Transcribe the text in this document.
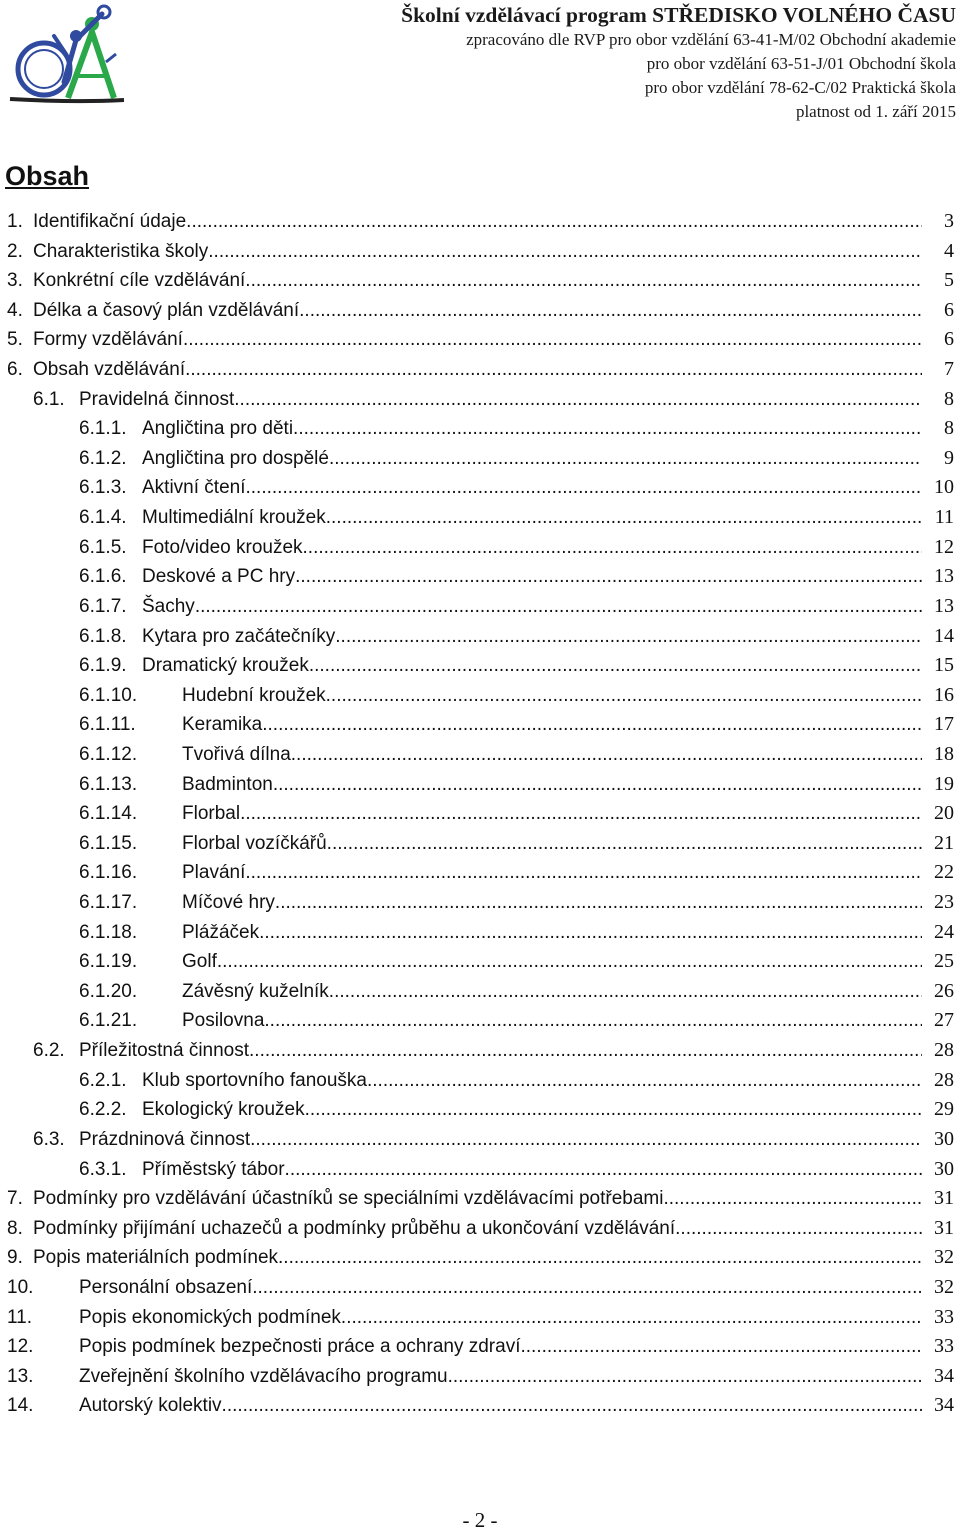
Školní vzdělávací program STŘEDISKO VOLNÉHO ČASU
zpracováno dle RVP pro obor vzdělání 63-41-M/02 Obchodní akademie
pro obor vzdělání 63-51-J/01 Obchodní škola
pro obor vzdělání 78-62-C/02 Praktická škola
platnost od 1. září 2015
Obsah
1. Identifikační údaje .....	3
2. Charakteristika školy .....	4
3. Konkrétní cíle vzdělávání .....	5
4. Délka a časový plán vzdělávání .....	6
5. Formy vzdělávání .....	6
6. Obsah vzdělávání .....	7
6.1. Pravidelná činnost .....	8
6.1.1. Angličtina pro děti .....	8
6.1.2. Angličtina pro dospělé .....	9
6.1.3. Aktivní čtení .....	10
6.1.4. Multimediální kroužek .....	11
6.1.5. Foto/video kroužek .....	12
6.1.6. Deskové a PC hry .....	13
6.1.7. Šachy .....	13
6.1.8. Kytara pro začátečníky .....	14
6.1.9. Dramatický kroužek .....	15
6.1.10. Hudební kroužek .....	16
6.1.11. Keramika .....	17
6.1.12. Tvořivá dílna .....	18
6.1.13. Badminton .....	19
6.1.14. Florbal .....	20
6.1.15. Florbal vozíčkářů .....	21
6.1.16. Plavání .....	22
6.1.17. Míčové hry .....	23
6.1.18. Plážáček .....	24
6.1.19. Golf .....	25
6.1.20. Závěsný kuželník .....	26
6.1.21. Posilovna .....	27
6.2. Příležitostná činnost .....	28
6.2.1. Klub sportovního fanouška .....	28
6.2.2. Ekologický kroužek .....	29
6.3. Prázdninová činnost .....	30
6.3.1. Příměstský tábor .....	30
7. Podmínky pro vzdělávání účastníků se speciálními vzdělávacími potřebami .....	31
8. Podmínky přijímání uchazečů a podmínky průběhu a ukončování vzdělávání .....	31
9. Popis materiálních podmínek .....	32
10. Personální obsazení .....	32
11. Popis ekonomických podmínek .....	33
12. Popis podmínek bezpečnosti práce a ochrany zdraví .....	33
13. Zveřejnění školního vzdělávacího programu .....	34
14. Autorský kolektiv .....	34
- 2 -
